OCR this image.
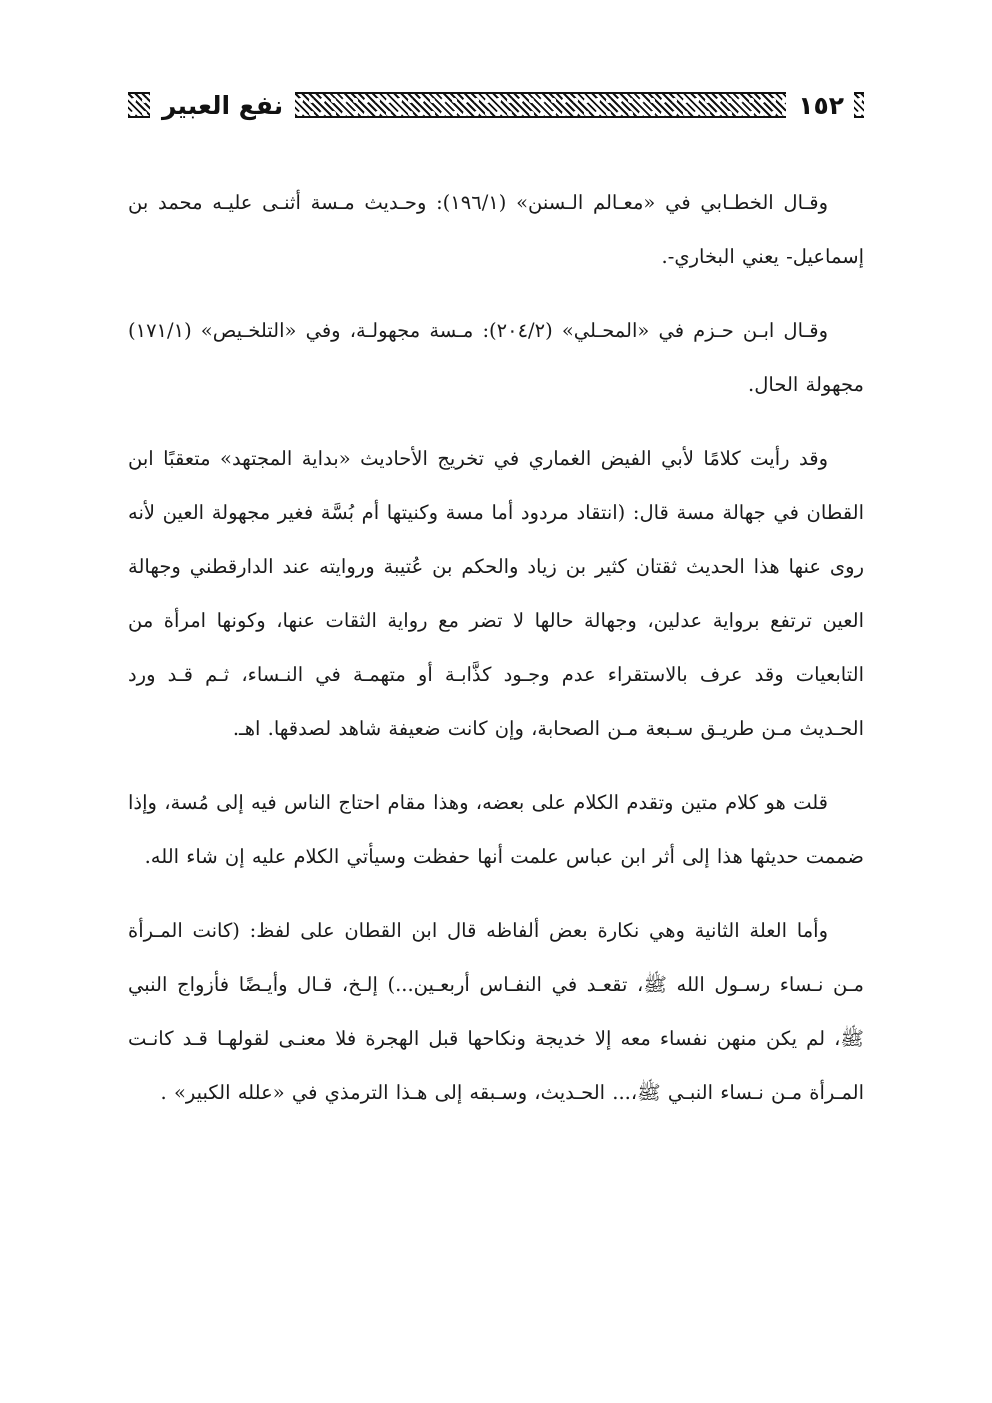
١٥٢
نفع العبير

وقـال الخطـابي في «معـالم الـسنن» (١٩٦/١): وحـديث مـسة أثنـى عليـه محمد بن إسماعيل- يعني البخاري-.

وقـال ابـن حـزم في «المحـلي» (٢٠٤/٢): مـسة مجهولـة، وفي «التلخـيص» (١٧١/١) مجهولة الحال.

وقد رأيت كلامًا لأبي الفيض الغماري في تخريج الأحاديث «بداية المجتهد» متعقبًا ابن القطان في جهالة مسة قال: (انتقاد مردود أما مسة وكنيتها أم بُسَّة فغير مجهولة العين لأنه روى عنها هذا الحديث ثقتان كثير بن زياد والحكم بن عُتيبة وروايته عند الدارقطني وجهالة العين ترتفع برواية عدلين، وجهالة حالها لا تضر مع رواية الثقات عنها، وكونها امرأة من التابعيات وقد عرف بالاستقراء عدم وجـود كذَّابـة أو متهمـة في النـساء، ثـم قـد ورد الحـديث مـن طريـق سـبعة مـن الصحابة، وإن كانت ضعيفة شاهد لصدقها. اهـ.

قلت هو كلام متين وتقدم الكلام على بعضه، وهذا مقام احتاج الناس فيه إلى مُسة، وإذا ضممت حديثها هذا إلى أثر ابن عباس علمت أنها حفظت وسيأتي الكلام عليه إن شاء الله.

وأما العلة الثانية وهي نكارة بعض ألفاظه قال ابن القطان على لفظ: (كانت المـرأة مـن نـساء رسـول الله ﷺ، تقعـد في النفـاس أربعـين...) إلـخ، قـال وأيـضًا فأزواج النبي ﷺ، لم يكن منهن نفساء معه إلا خديجة ونكاحها قبل الهجرة فلا معنـى لقولهـا قـد كانـت المـرأة مـن نـساء النبـي ﷺ،... الحـديث، وسـبقه إلى هـذا الترمذي في «علله الكبير» .
